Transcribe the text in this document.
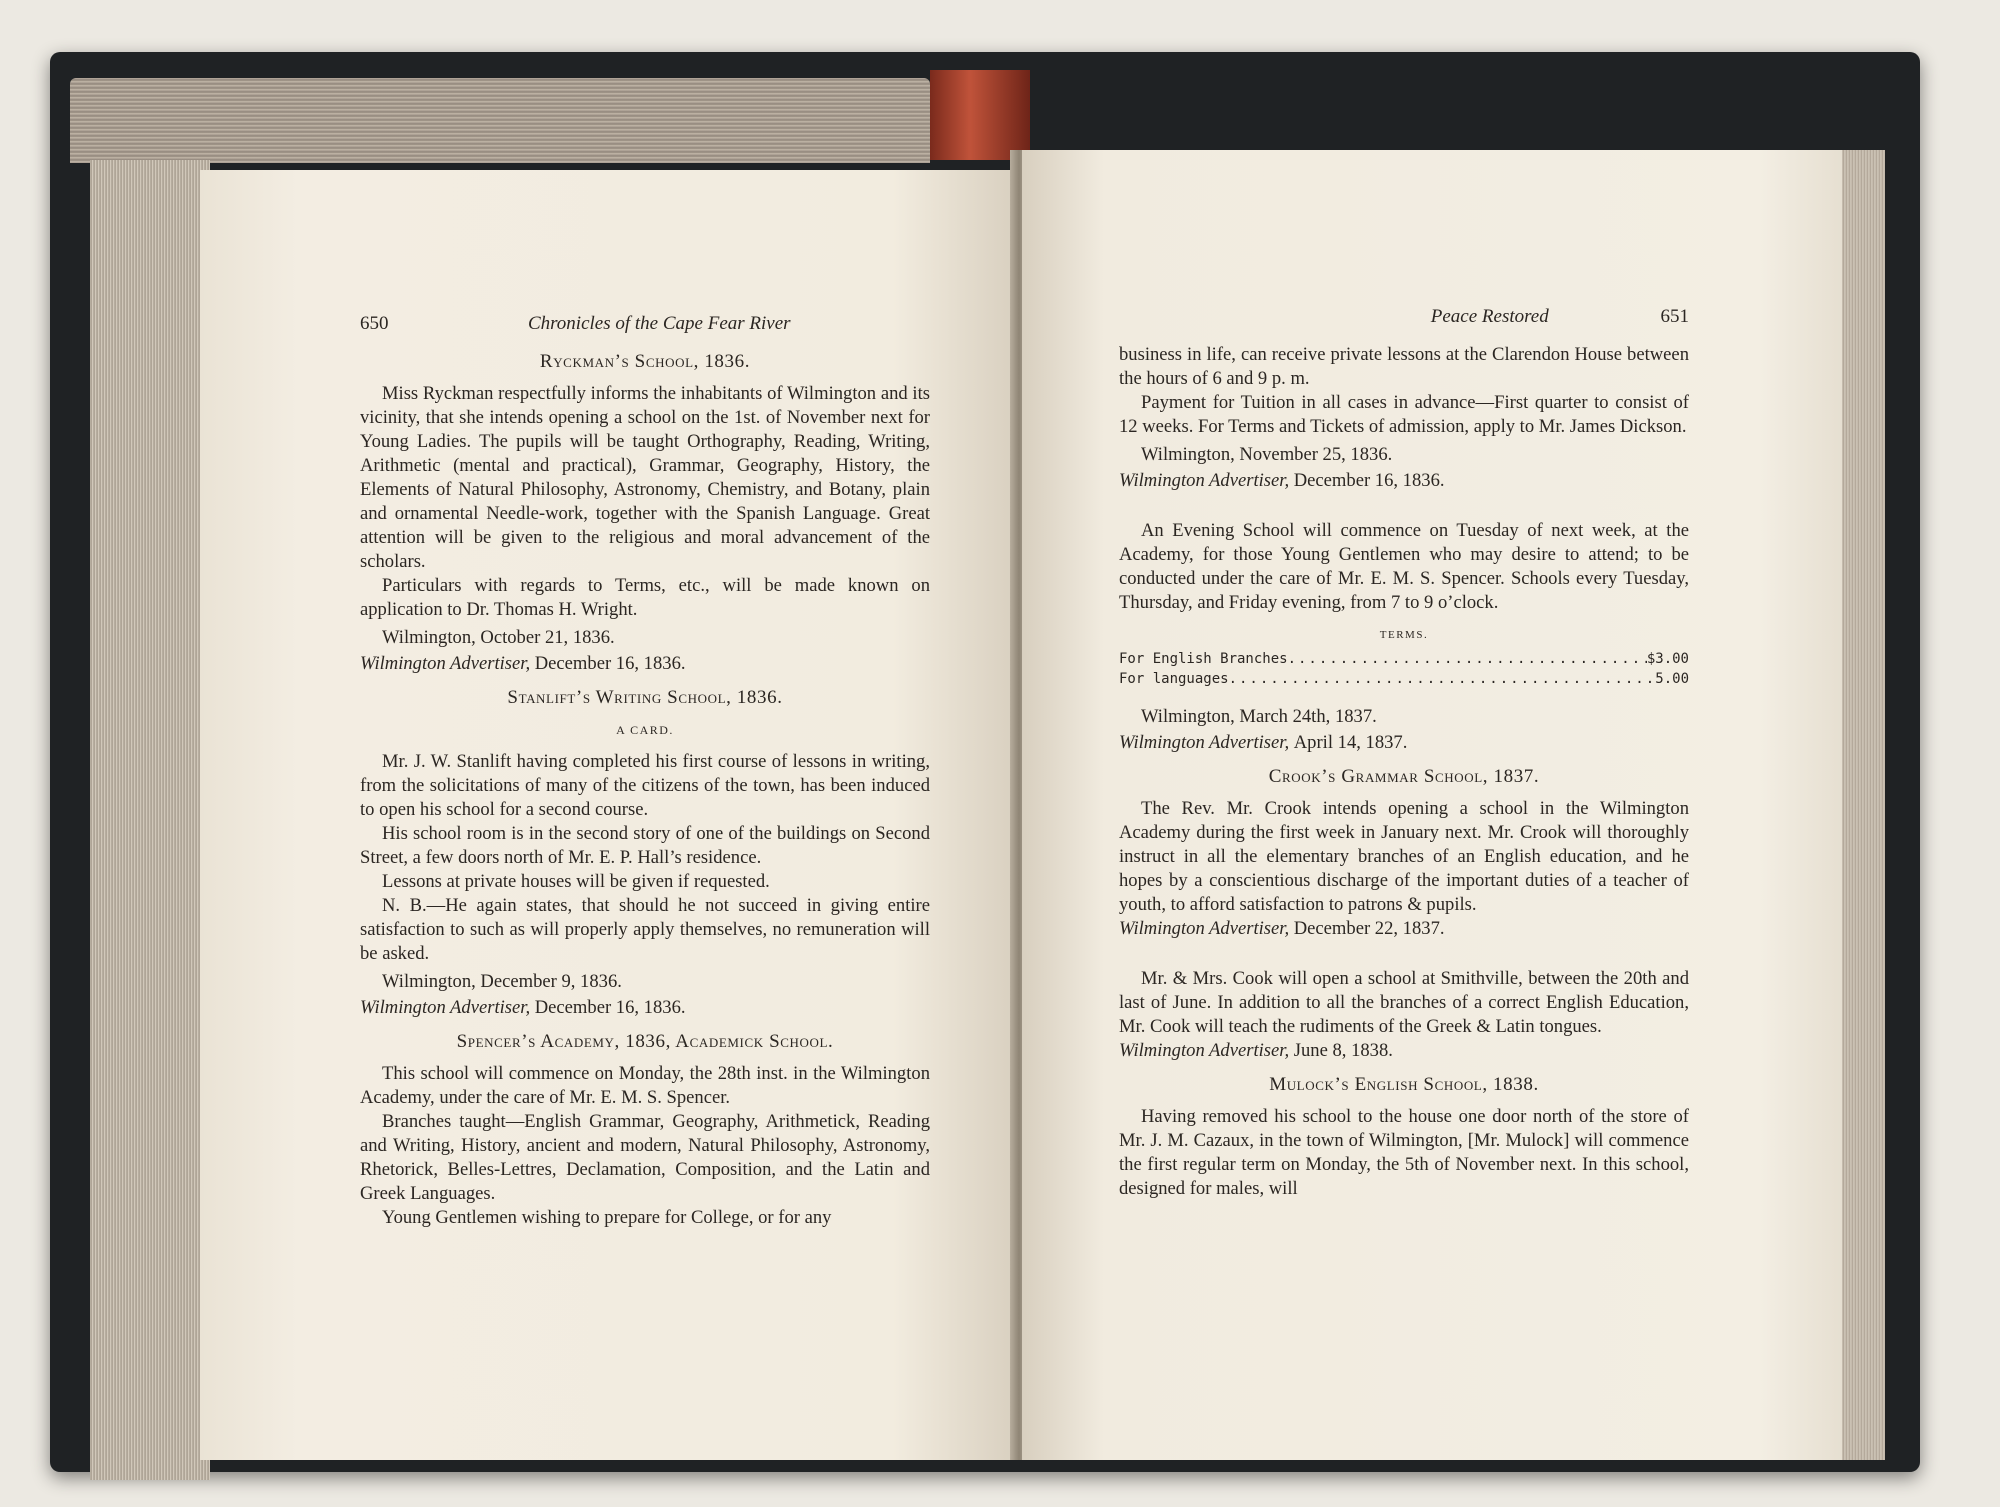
650	Chronicles of the Cape Fear River
Ryckman’s School, 1836.

Miss Ryckman respectfully informs the inhabitants of Wilmington and its vicinity, that she intends opening a school on the 1st. of November next for Young Ladies. The pupils will be taught Orthography, Reading, Writing, Arithmetic (mental and practical), Grammar, Geography, History, the Elements of Natural Philosophy, Astronomy, Chemistry, and Botany, plain and ornamental Needle-work, together with the Spanish Language. Great attention will be given to the religious and moral advancement of the scholars.

Particulars with regards to Terms, etc., will be made known on application to Dr. Thomas H. Wright.

Wilmington, October 21, 1836.

Wilmington Advertiser, December 16, 1836.

Stanlift’s Writing School, 1836.
A CARD.

Mr. J. W. Stanlift having completed his first course of lessons in writing, from the solicitations of many of the citizens of the town, has been induced to open his school for a second course.

His school room is in the second story of one of the buildings on Second Street, a few doors north of Mr. E. P. Hall’s residence.

Lessons at private houses will be given if requested.

N. B.—He again states, that should he not succeed in giving entire satisfaction to such as will properly apply themselves, no remuneration will be asked.

Wilmington, December 9, 1836.

Wilmington Advertiser, December 16, 1836.

Spencer’s Academy, 1836, Academick School.

This school will commence on Monday, the 28th inst. in the Wilmington Academy, under the care of Mr. E. M. S. Spencer.

Branches taught—English Grammar, Geography, Arithmetick, Reading and Writing, History, ancient and modern, Natural Philosophy, Astronomy, Rhetorick, Belles-Lettres, Declamation, Composition, and the Latin and Greek Languages.

Young Gentlemen wishing to prepare for College, or for any

Peace Restored	651

business in life, can receive private lessons at the Clarendon House between the hours of 6 and 9 p. m.

Payment for Tuition in all cases in advance—First quarter to consist of 12 weeks. For Terms and Tickets of admission, apply to Mr. James Dickson.

Wilmington, November 25, 1836.

Wilmington Advertiser, December 16, 1836.

An Evening School will commence on Tuesday of next week, at the Academy, for those Young Gentlemen who may desire to attend; to be conducted under the care of Mr. E. M. S. Spencer. Schools every Tuesday, Thursday, and Friday evening, from 7 to 9 o’clock.

TERMS.
For English Branches .....	$3.00
For languages .....	5.00

Wilmington, March 24th, 1837.

Wilmington Advertiser, April 14, 1837.

Crook’s Grammar School, 1837.

The Rev. Mr. Crook intends opening a school in the Wilmington Academy during the first week in January next. Mr. Crook will thoroughly instruct in all the elementary branches of an English education, and he hopes by a conscientious discharge of the important duties of a teacher of youth, to afford satisfaction to patrons & pupils.

Wilmington Advertiser, December 22, 1837.

Mr. & Mrs. Cook will open a school at Smithville, between the 20th and last of June. In addition to all the branches of a correct English Education, Mr. Cook will teach the rudiments of the Greek & Latin tongues.

Wilmington Advertiser, June 8, 1838.

Mulock’s English School, 1838.

Having removed his school to the house one door north of the store of Mr. J. M. Cazaux, in the town of Wilmington, [Mr. Mulock] will commence the first regular term on Monday, the 5th of November next. In this school, designed for males, will
